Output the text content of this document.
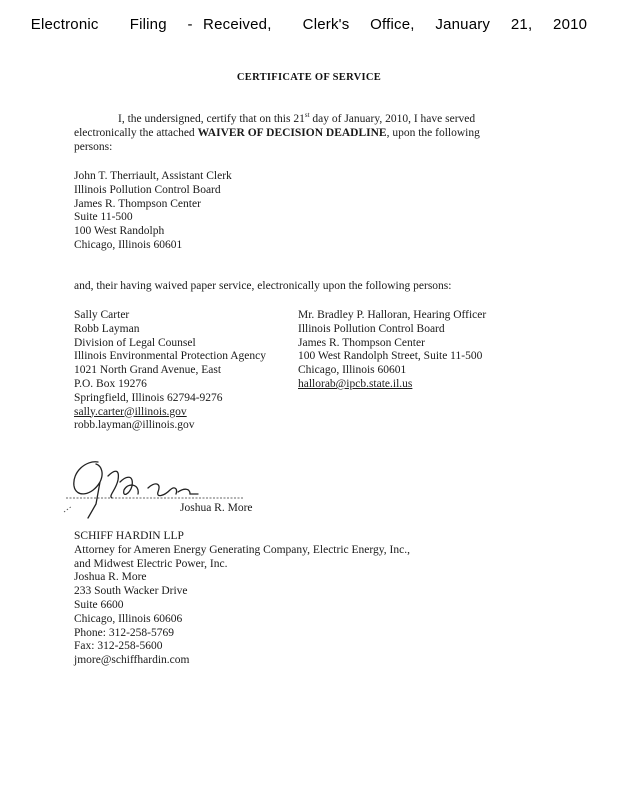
Electronic   Filing  - Received,   Clerk's  Office,  January  21,  2010
CERTIFICATE OF SERVICE
I, the undersigned, certify that on this 21st day of January, 2010, I have served electronically the attached WAIVER OF DECISION DEADLINE, upon the following persons:
John T. Therriault, Assistant Clerk
Illinois Pollution Control Board
James R. Thompson Center
Suite 11-500
100 West Randolph
Chicago, Illinois 60601
and, their having waived paper service, electronically upon the following persons:
Sally Carter
Robb Layman
Division of Legal Counsel
Illinois Environmental Protection Agency
1021 North Grand Avenue, East
P.O. Box 19276
Springfield, Illinois 62794-9276
sally.carter@illinois.gov
robb.layman@illinois.gov
Mr. Bradley P. Halloran, Hearing Officer
Illinois Pollution Control Board
James R. Thompson Center
100 West Randolph Street, Suite 11-500
Chicago, Illinois 60601
hallorab@ipcb.state.il.us
Joshua R. More
SCHIFF HARDIN LLP
Attorney for Ameren Energy Generating Company, Electric Energy, Inc.,
and Midwest Electric Power, Inc.
Joshua R. More
233 South Wacker Drive
Suite 6600
Chicago, Illinois 60606
Phone: 312-258-5769
Fax: 312-258-5600
jmore@schiffhardin.com
